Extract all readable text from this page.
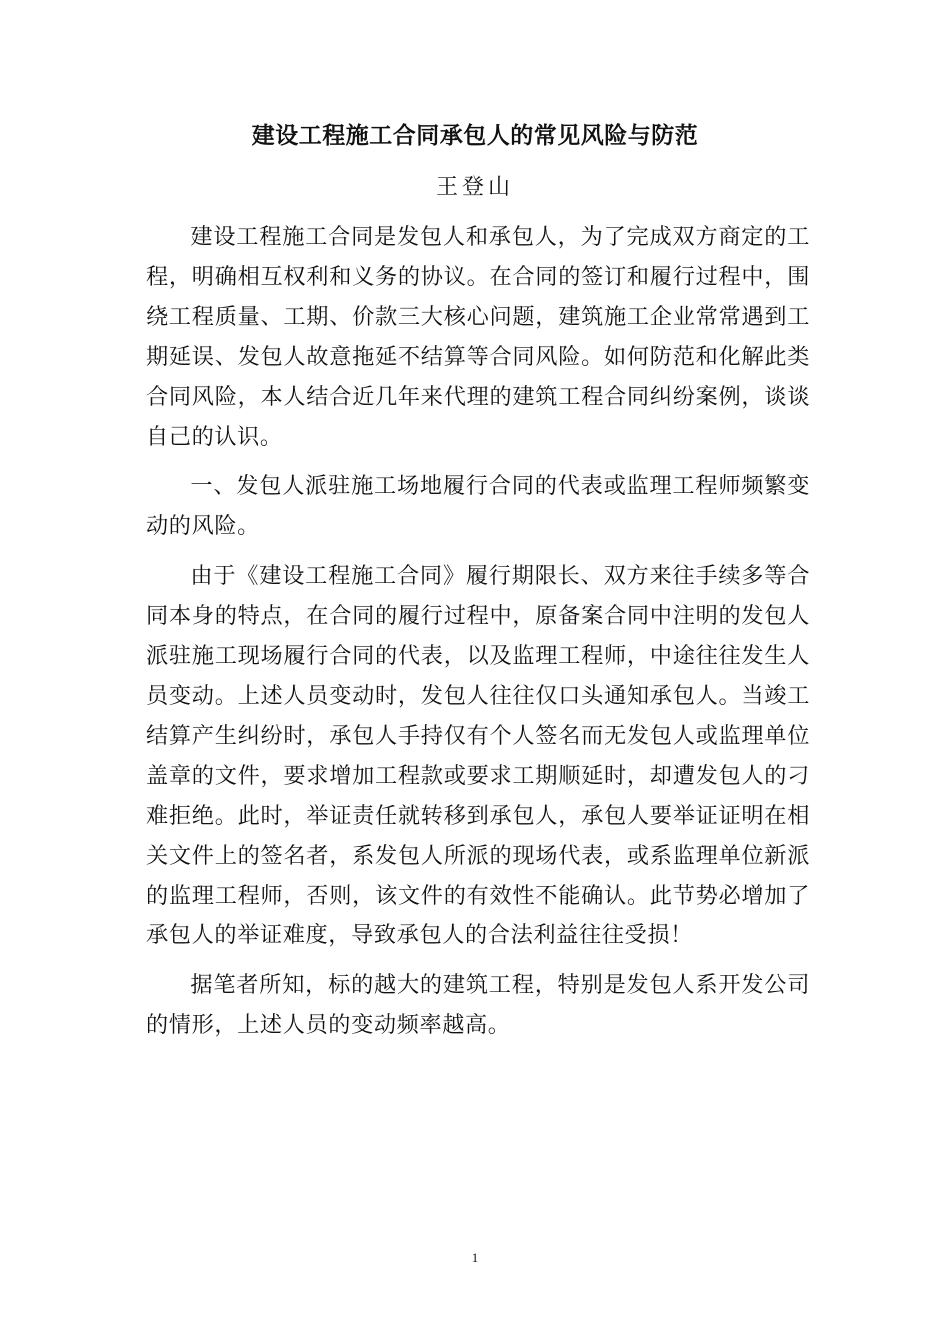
建设工程施工合同承包人的常见风险与防范
王登山

建设工程施工合同是发包人和承包人，为了完成双方商定的工程，明确相互权利和义务的协议。在合同的签订和履行过程中，围绕工程质量、工期、价款三大核心问题，建筑施工企业常常遇到工期延误、发包人故意拖延不结算等合同风险。如何防范和化解此类合同风险，本人结合近几年来代理的建筑工程合同纠纷案例，谈谈自己的认识。

一、发包人派驻施工场地履行合同的代表或监理工程师频繁变动的风险。

由于《建设工程施工合同》履行期限长、双方来往手续多等合同本身的特点，在合同的履行过程中，原备案合同中注明的发包人派驻施工现场履行合同的代表，以及监理工程师，中途往往发生人员变动。上述人员变动时，发包人往往仅口头通知承包人。当竣工结算产生纠纷时，承包人手持仅有个人签名而无发包人或监理单位盖章的文件，要求增加工程款或要求工期顺延时，却遭发包人的刁难拒绝。此时，举证责任就转移到承包人，承包人要举证证明在相关文件上的签名者，系发包人所派的现场代表，或系监理单位新派的监理工程师，否则，该文件的有效性不能确认。此节势必增加了承包人的举证难度，导致承包人的合法利益往往受损！

据笔者所知，标的越大的建筑工程，特别是发包人系开发公司的情形，上述人员的变动频率越高。

1
